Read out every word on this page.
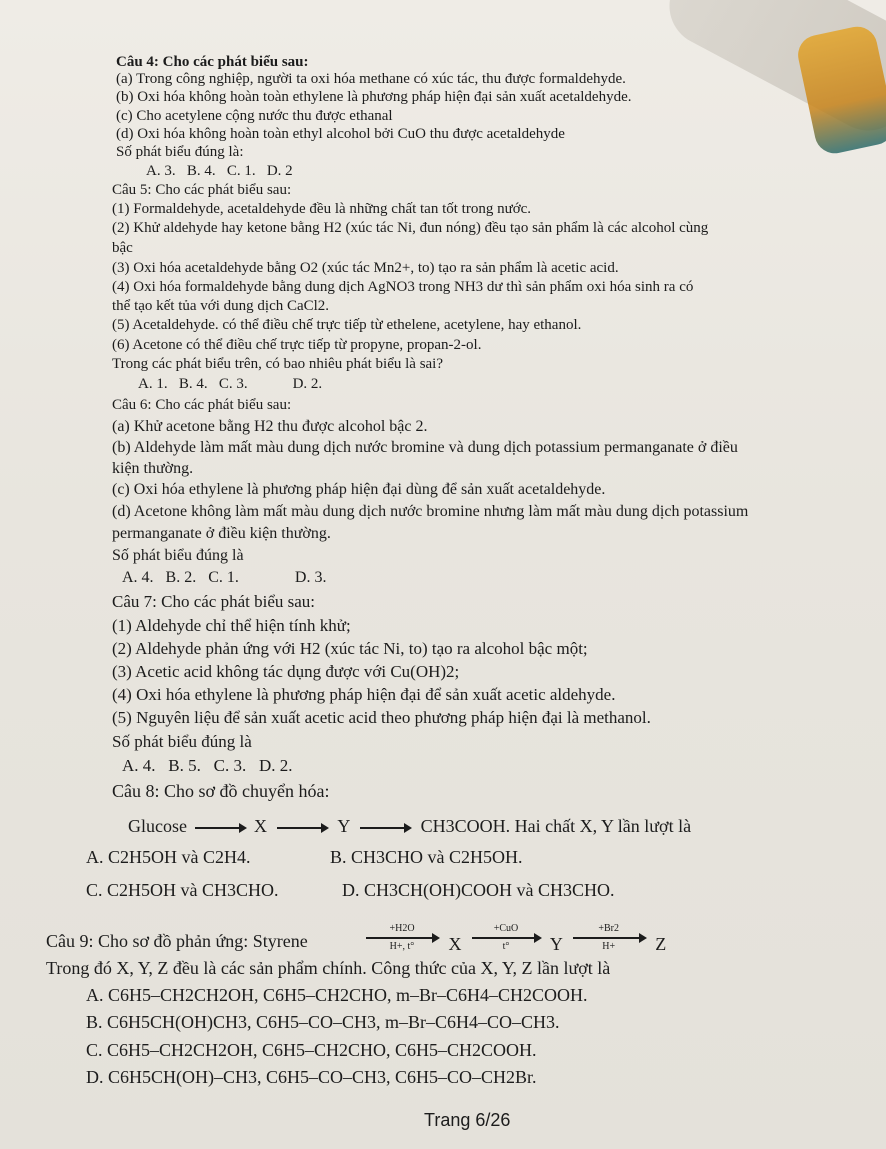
Câu 4: Cho các phát biểu sau:
(a) Trong công nghiệp, người ta oxi hóa methane có xúc tác, thu được formaldehyde.
(b) Oxi hóa không hoàn toàn ethylene là phương pháp hiện đại sản xuất acetaldehyde.
(c) Cho acetylene cộng nước thu được ethanal
(d) Oxi hóa không hoàn toàn ethyl alcohol bởi CuO thu được acetaldehyde
Số phát biểu đúng là:
A. 3.   B. 4.   C. 1.   D. 2
Câu 5: Cho các phát biểu sau:
(1) Formaldehyde, acetaldehyde đều là những chất tan tốt trong nước.
(2) Khử aldehyde hay ketone bằng H2 (xúc tác Ni, đun nóng) đều tạo sản phẩm là các alcohol cùng
bậc
(3) Oxi hóa acetaldehyde bằng O2 (xúc tác Mn2+, to) tạo ra sản phẩm là acetic acid.
(4) Oxi hóa formaldehyde bằng dung dịch AgNO3 trong NH3 dư thì sản phẩm oxi hóa sinh ra có
thể tạo kết tủa với dung dịch CaCl2.
(5) Acetaldehyde. có thể điều chế trực tiếp từ ethelene, acetylene, hay ethanol.
(6) Acetone có thể điều chế trực tiếp từ propyne, propan-2-ol.
Trong các phát biểu trên, có bao nhiêu phát biểu là sai?
A. 1.   B. 4.   C. 3.            D. 2.
Câu 6: Cho các phát biểu sau:
(a) Khử acetone bằng H2 thu được alcohol bậc 2.
(b) Aldehyde làm mất màu dung dịch nước bromine và dung dịch potassium permanganate ở điều
kiện thường.
(c) Oxi hóa ethylene là phương pháp hiện đại dùng để sản xuất acetaldehyde.
(d) Acetone không làm mất màu dung dịch nước bromine nhưng làm mất màu dung dịch potassium
permanganate ở điều kiện thường.
Số phát biểu đúng là
A. 4.   B. 2.   C. 1.              D. 3.
Câu 7: Cho các phát biểu sau:
(1) Aldehyde chỉ thể hiện tính khử;
(2) Aldehyde phản ứng với H2 (xúc tác Ni, to) tạo ra alcohol bậc một;
(3) Acetic acid không tác dụng được với Cu(OH)2;
(4) Oxi hóa ethylene là phương pháp hiện đại để sản xuất acetic aldehyde.
(5) Nguyên liệu để sản xuất acetic acid theo phương pháp hiện đại là methanol.
Số phát biểu đúng là
A. 4.   B. 5.   C. 3.   D. 2.
Câu 8: Cho sơ đồ chuyển hóa:
Glucose	X	Y	CH3COOH. Hai chất X, Y lần lượt là
A. C2H5OH và C2H4.	B. CH3CHO và C2H5OH.
C. C2H5OH và CH3CHO.	D. CH3CH(OH)COOH và CH3CHO.
Câu 9: Cho sơ đồ phản ứng: Styrene	$\frac{+H2O}{H+, t^\circ}$ X
+CuO
t°	Y $\frac{+Br2}{H+}$ Z
Trong đó X, Y, Z đều là các sản phẩm chính. Công thức của X, Y, Z lần lượt là
A. C6H5–CH2CH2OH, C6H5–CH2CHO, m–Br–C6H4–CH2COOH.
B. C6H5CH(OH)CH3, C6H5–CO–CH3, m–Br–C6H4–CO–CH3.
C. C6H5–CH2CH2OH, C6H5–CH2CHO, C6H5–CH2COOH.
D. C6H5CH(OH)–CH3, C6H5–CO–CH3, C6H5–CO–CH2Br.
Trang 6/26
